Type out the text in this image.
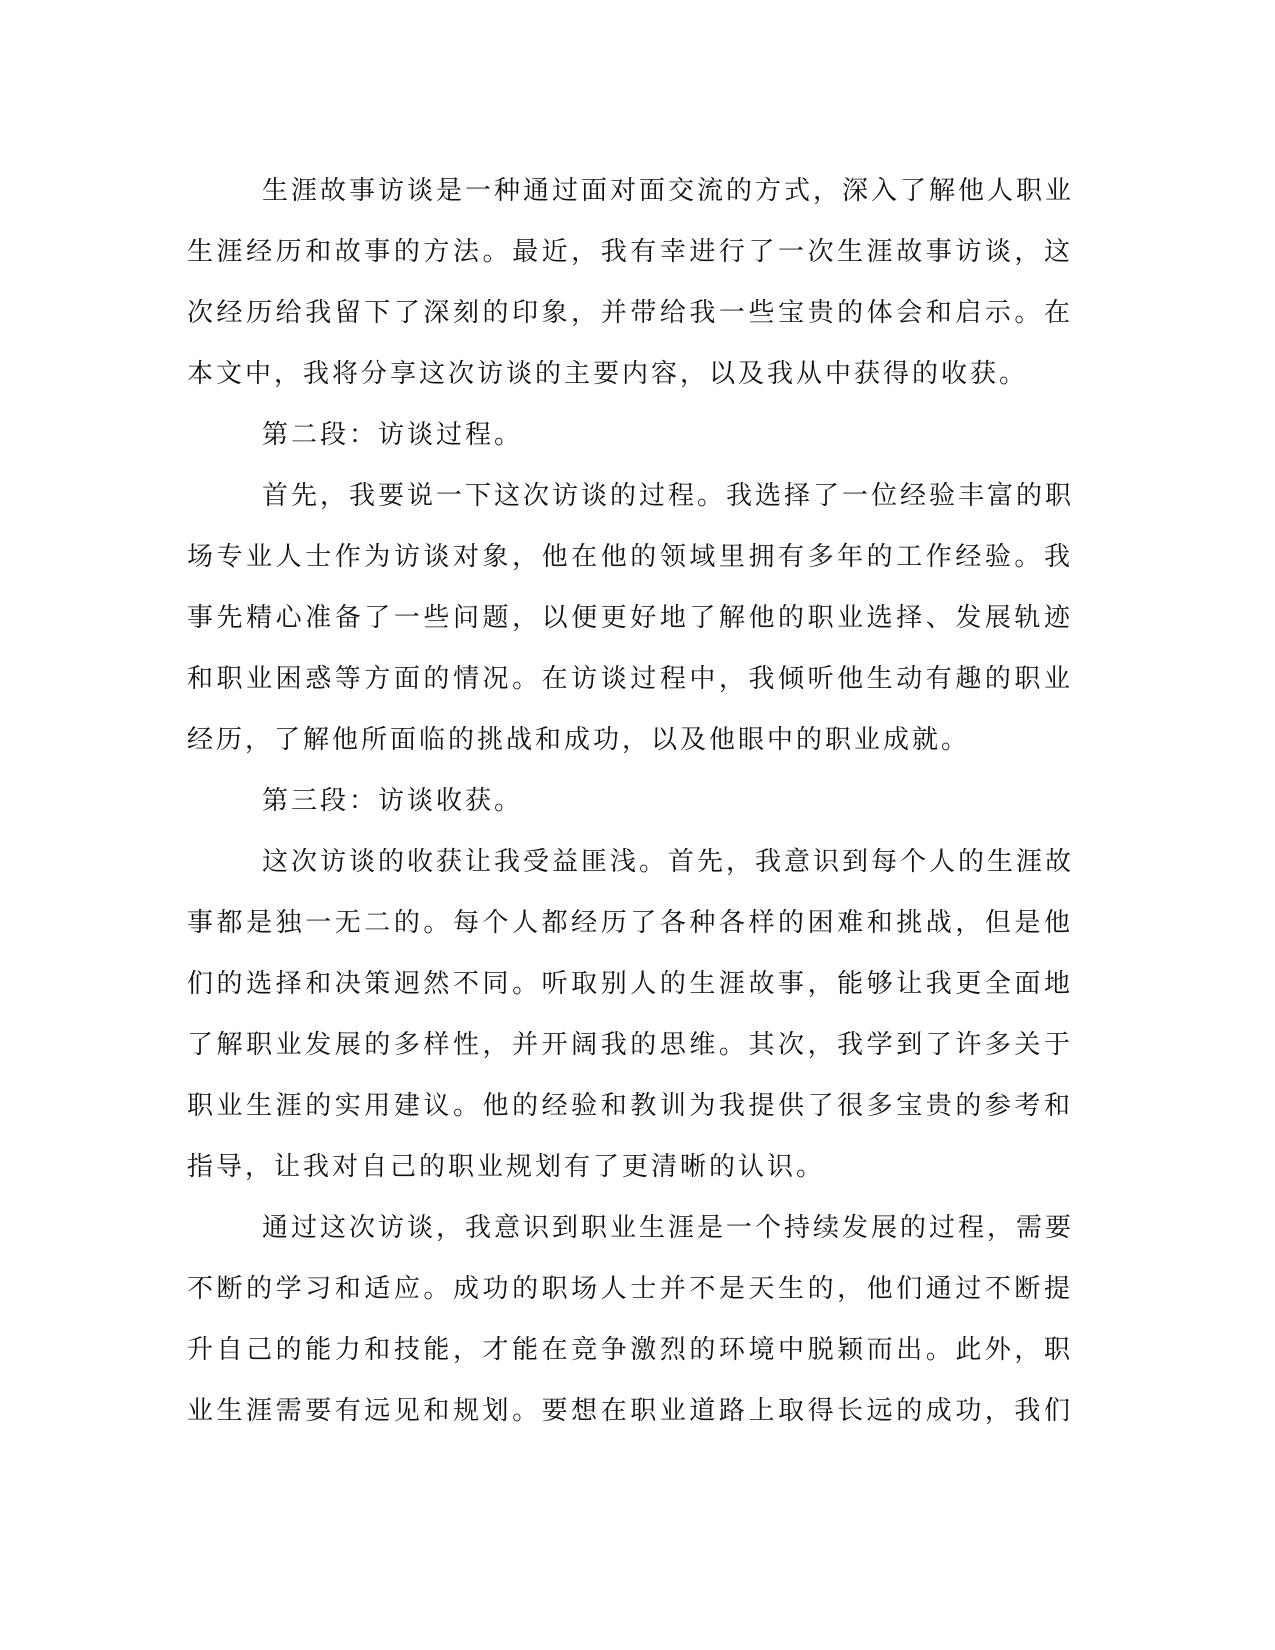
生涯故事访谈是一种通过面对面交流的方式，深入了解他人职业
生涯经历和故事的方法。最近，我有幸进行了一次生涯故事访谈，这
次经历给我留下了深刻的印象，并带给我一些宝贵的体会和启示。在
本文中，我将分享这次访谈的主要内容，以及我从中获得的收获。
第二段：访谈过程。
首先，我要说一下这次访谈的过程。我选择了一位经验丰富的职
场专业人士作为访谈对象，他在他的领域里拥有多年的工作经验。我
事先精心准备了一些问题，以便更好地了解他的职业选择、发展轨迹
和职业困惑等方面的情况。在访谈过程中，我倾听他生动有趣的职业
经历，了解他所面临的挑战和成功，以及他眼中的职业成就。
第三段：访谈收获。
这次访谈的收获让我受益匪浅。首先，我意识到每个人的生涯故
事都是独一无二的。每个人都经历了各种各样的困难和挑战，但是他
们的选择和决策迥然不同。听取别人的生涯故事，能够让我更全面地
了解职业发展的多样性，并开阔我的思维。其次，我学到了许多关于
职业生涯的实用建议。他的经验和教训为我提供了很多宝贵的参考和
指导，让我对自己的职业规划有了更清晰的认识。
通过这次访谈，我意识到职业生涯是一个持续发展的过程，需要
不断的学习和适应。成功的职场人士并不是天生的，他们通过不断提
升自己的能力和技能，才能在竞争激烈的环境中脱颖而出。此外，职
业生涯需要有远见和规划。要想在职业道路上取得长远的成功，我们
